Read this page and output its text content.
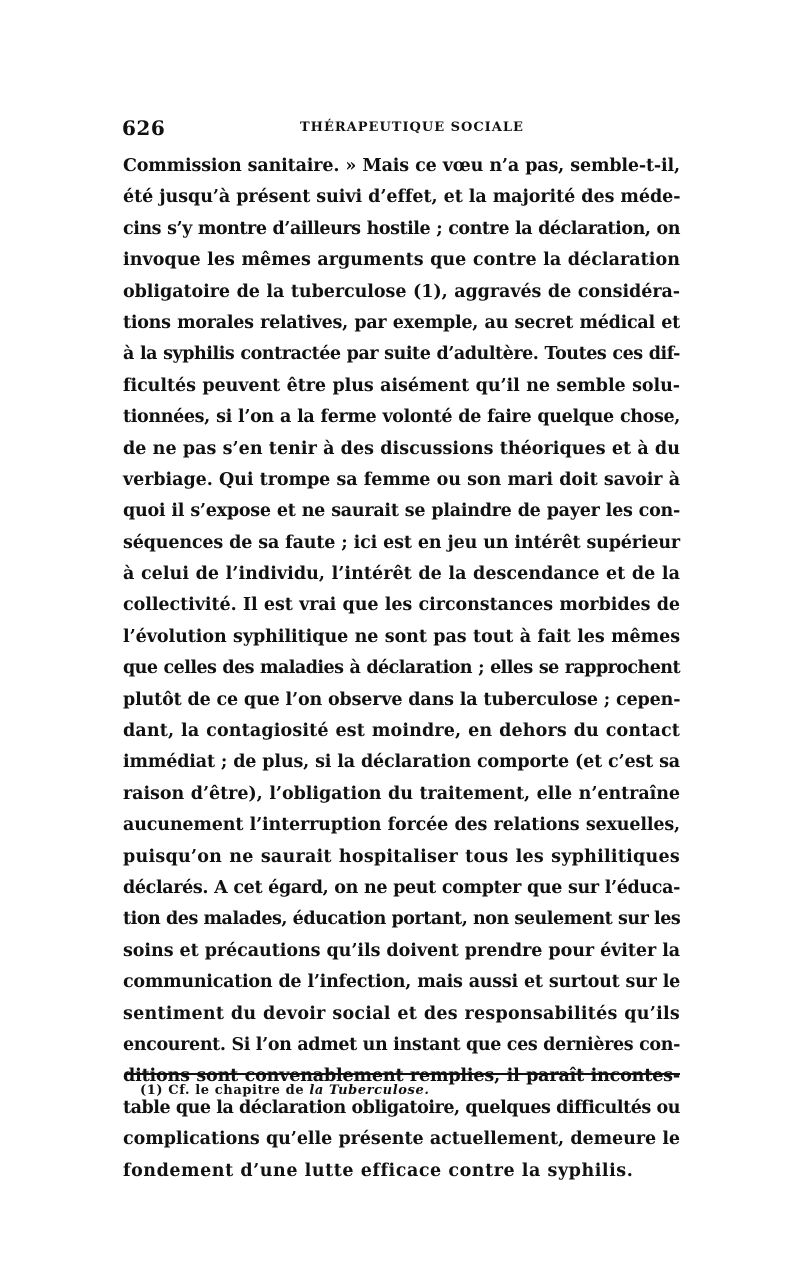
626	THÉRAPEUTIQUE SOCIALE
Commission sanitaire. » Mais ce vœu n’a pas, semble-t-il,
été jusqu’à présent suivi d’effet, et la majorité des méde-
cins s’y montre d’ailleurs hostile ; contre la déclaration, on
invoque les mêmes arguments que contre la déclaration
obligatoire de la tuberculose (1), aggravés de considéra-
tions morales relatives, par exemple, au secret médical et
à la syphilis contractée par suite d’adultère. Toutes ces dif-
ficultés peuvent être plus aisément qu’il ne semble solu-
tionnées, si l’on a la ferme volonté de faire quelque chose,
de ne pas s’en tenir à des discussions théoriques et à du
verbiage. Qui trompe sa femme ou son mari doit savoir à
quoi il s’expose et ne saurait se plaindre de payer les con-
séquences de sa faute ; ici est en jeu un intérêt supérieur
à celui de l’individu, l’intérêt de la descendance et de la
collectivité. Il est vrai que les circonstances morbides de
l’évolution syphilitique ne sont pas tout à fait les mêmes
que celles des maladies à déclaration ; elles se rapprochent
plutôt de ce que l’on observe dans la tuberculose ; cepen-
dant, la contagiosité est moindre, en dehors du contact
immédiat ; de plus, si la déclaration comporte (et c’est sa
raison d’être), l’obligation du traitement, elle n’entraîne
aucunement l’interruption forcée des relations sexuelles,
puisqu’on ne saurait hospitaliser tous les syphilitiques
déclarés. A cet égard, on ne peut compter que sur l’éduca-
tion des malades, éducation portant, non seulement sur les
soins et précautions qu’ils doivent prendre pour éviter la
communication de l’infection, mais aussi et surtout sur le
sentiment du devoir social et des responsabilités qu’ils
encourent. Si l’on admet un instant que ces dernières con-
ditions sont convenablement remplies, il paraît incontes-
table que la déclaration obligatoire, quelques difficultés ou
complications qu’elle présente actuellement, demeure le
fondement d’une lutte efficace contre la syphilis.
(1) Cf. le chapitre de la Tuberculose.
